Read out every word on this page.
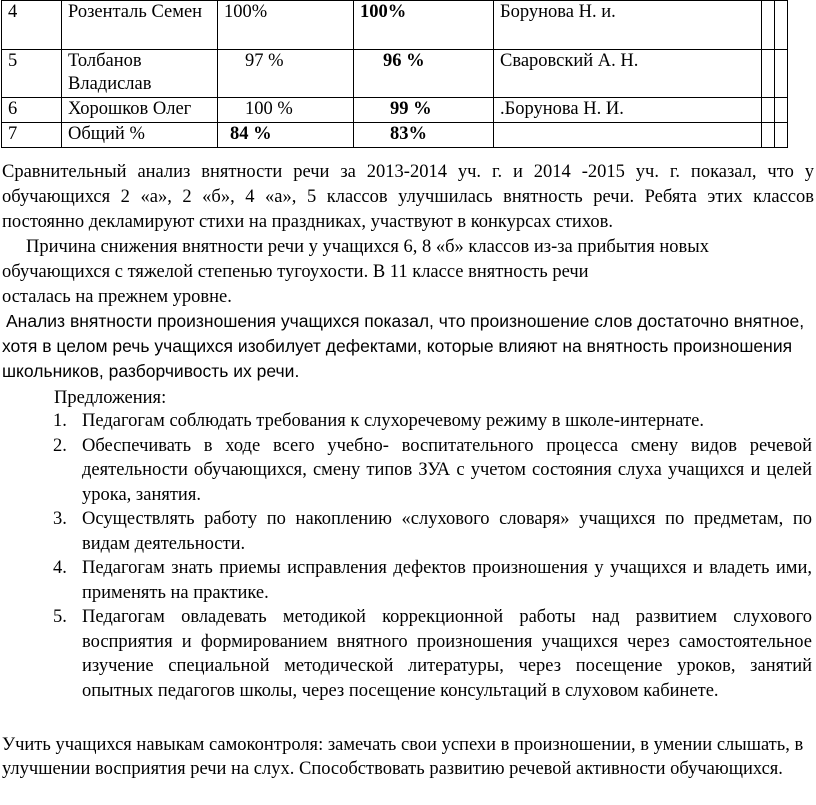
4	Розенталь Семен	100%	100%	Борунова Н. и.		
5	Толбанов Владислав	97 %	96 %	Сваровский А. Н.		
6	Хорошков Олег	100 %	99 %	.Борунова Н. И.		
7	Общий %	84 %	83%			

Сравнительный анализ внятности речи за 2013-2014 уч. г. и 2014 -2015 уч. г. показал, что у обучающихся 2 «а», 2 «б», 4 «а», 5 классов улучшилась внятность речи. Ребята этих классов постоянно декламируют стихи на праздниках, участвуют в конкурсах стихов.

Причина снижения внятности речи у учащихся 6, 8 «б» классов из-за прибытия новых

обучающихся с тяжелой степенью тугоухости. В 11 классе внятность речи

осталась на прежнем уровне.

Анализ внятности произношения учащихся показал, что произношение слов достаточно внятное, хотя в целом речь учащихся изобилует дефектами, которые влияют на внятность произношения школьников, разборчивость их речи.

Предложения:
1. Педагогам соблюдать требования к слухоречевому режиму в школе-интернате.
2. Обеспечивать в ходе всего учебно- воспитательного процесса смену видов речевой деятельности обучающихся, смену типов ЗУА с учетом состояния слуха учащихся и целей урока, занятия.
3. Осуществлять работу по накоплению «слухового словаря» учащихся по предметам, по видам деятельности.
4. Педагогам знать приемы исправления дефектов произношения у учащихся и владеть ими, применять на практике.
5. Педагогам овладевать методикой коррекционной работы над развитием слухового восприятия и формированием внятного произношения учащихся через самостоятельное изучение специальной методической литературы, через посещение уроков, занятий опытных педагогов школы, через посещение консультаций в слуховом кабинете.
Учить учащихся навыкам самоконтроля: замечать свои успехи в произношении, в умении слышать, в улучшении восприятия речи на слух. Способствовать развитию речевой активности обучающихся.
